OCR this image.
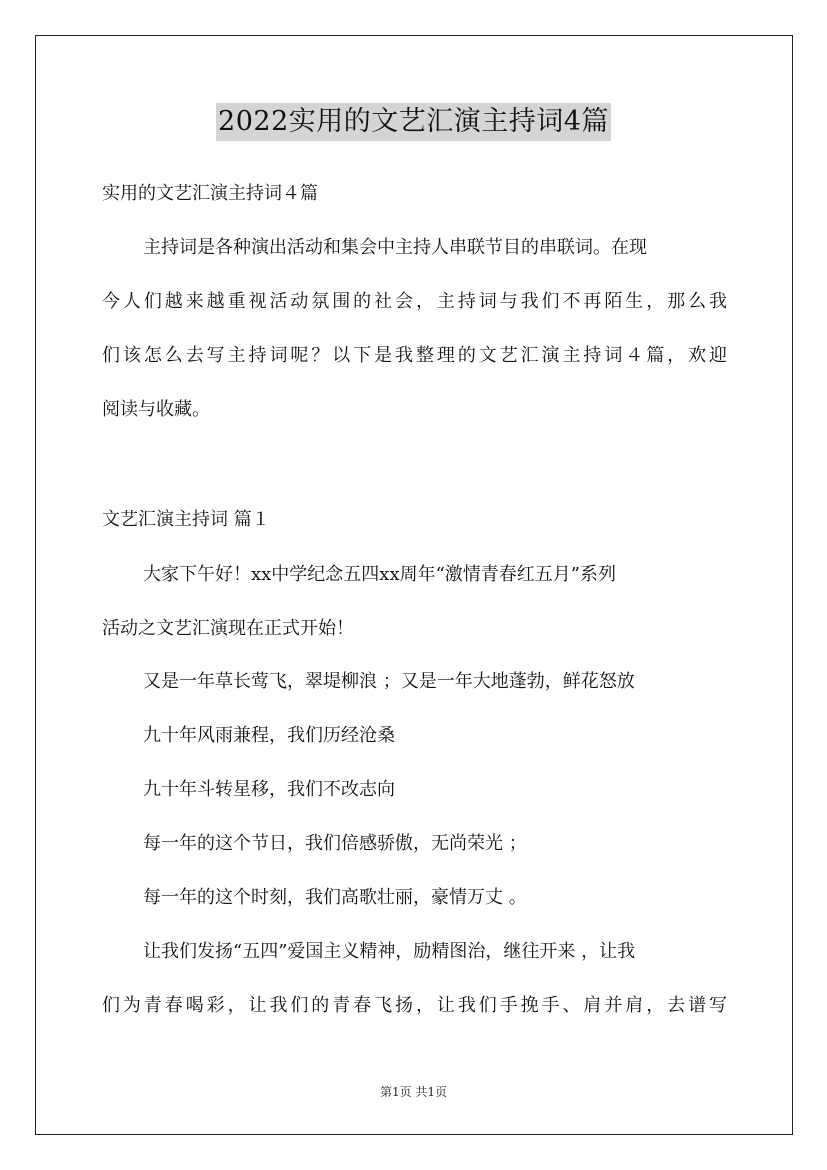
2022实用的文艺汇演主持词4篇
实用的文艺汇演主持词４篇
主持词是各种演出活动和集会中主持人串联节目的串联词。在现
今人们越来越重视活动氛围的社会，主持词与我们不再陌生，那么我
们该怎么去写主持词呢？以下是我整理的文艺汇演主持词４篇，欢迎
阅读与收藏。
文艺汇演主持词 篇１
大家下午好！xx中学纪念五四xx周年“激情青春红五月”系列
活动之文艺汇演现在正式开始！
又是一年草长莺飞，翠堤柳浪 ；又是一年大地蓬勃，鲜花怒放
九十年风雨兼程，我们历经沧桑
九十年斗转星移，我们不改志向
每一年的这个节日，我们倍感骄傲，无尚荣光 ；
每一年的这个时刻，我们高歌壮丽，豪情万丈 。
让我们发扬“五四”爱国主义精神，励精图治，继往开来 ，让我
们为青春喝彩，让我们的青春飞扬，让我们手挽手、肩并肩，去谱写
第1页 共1页
